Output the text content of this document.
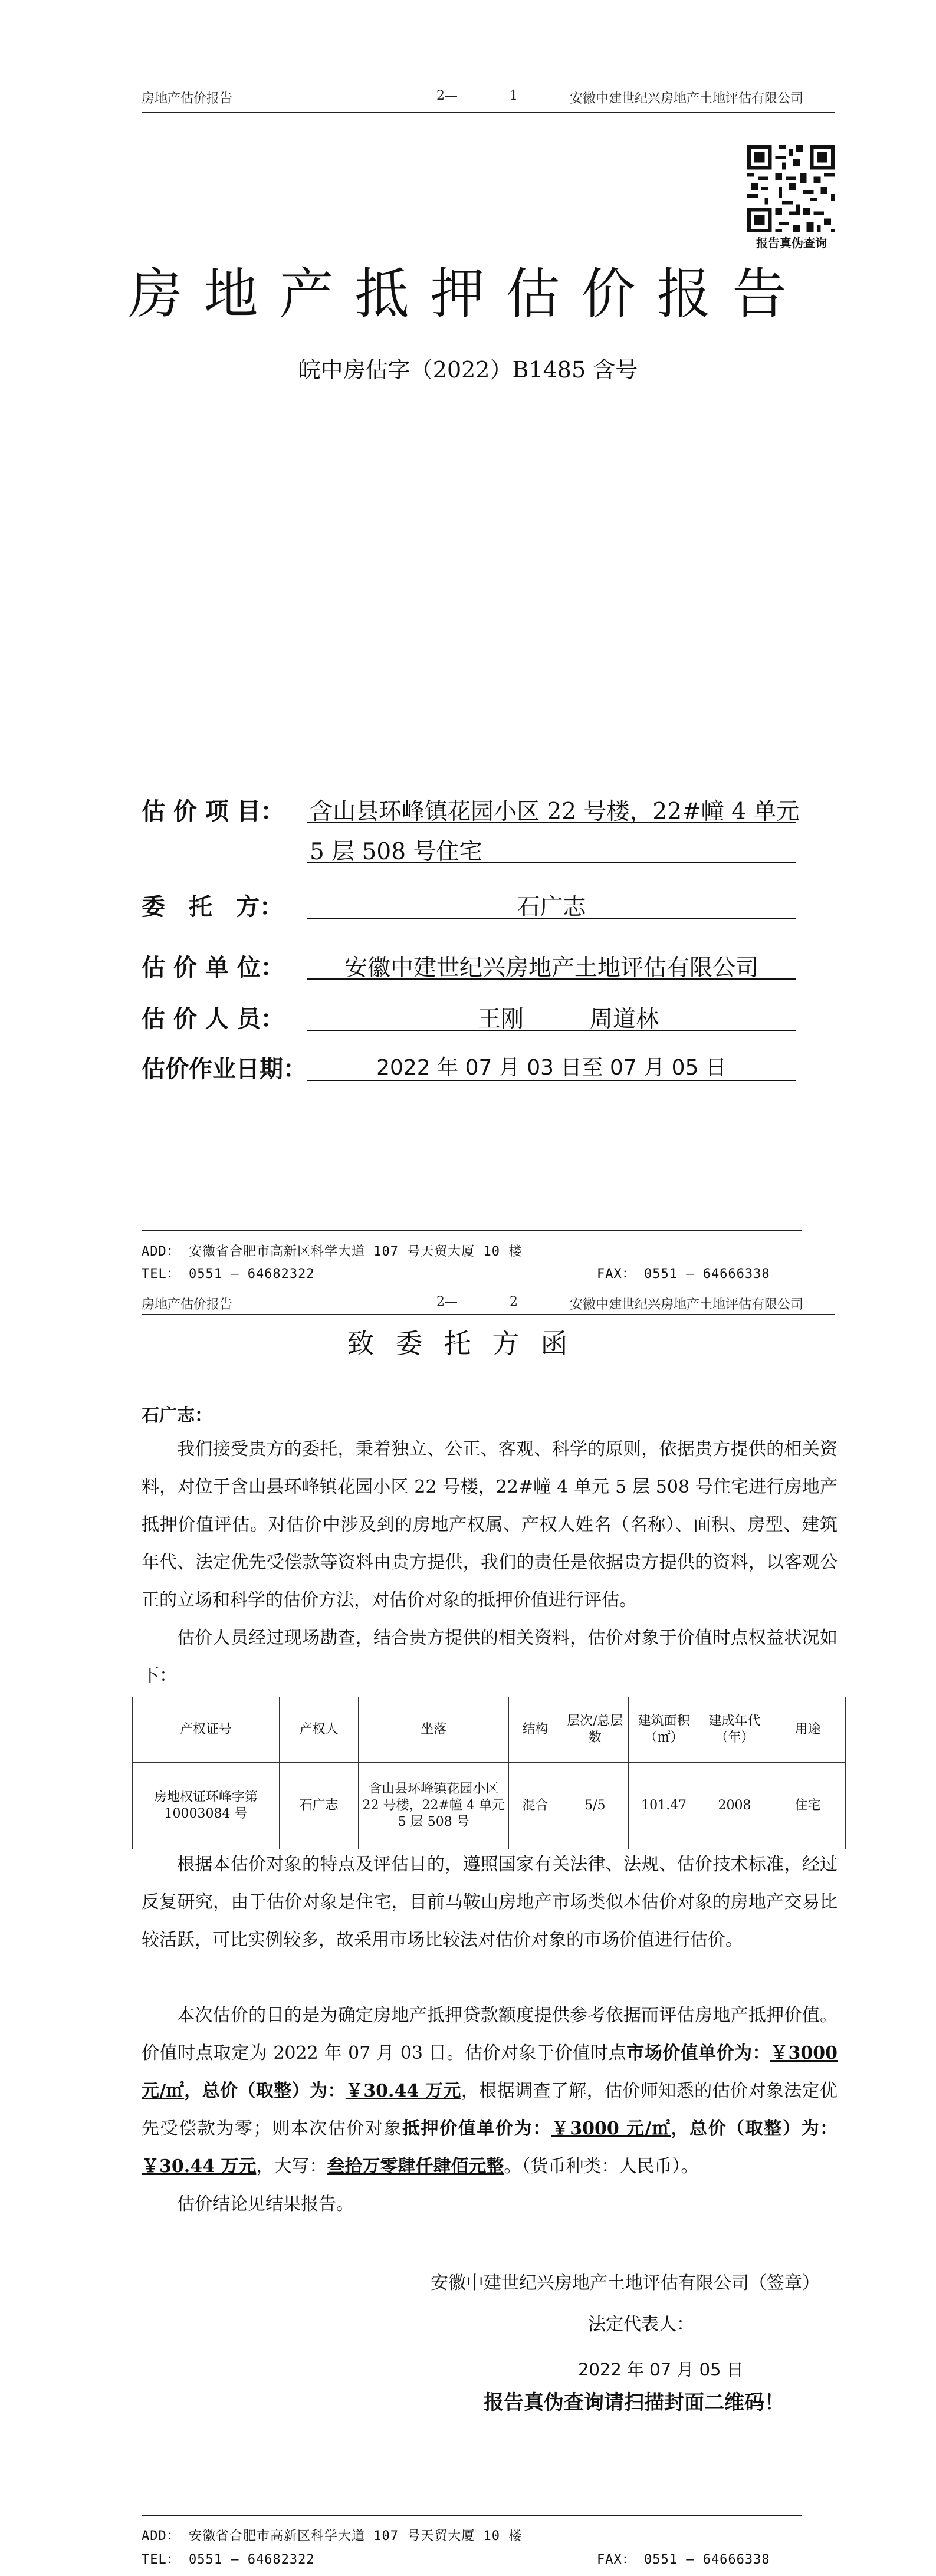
房地产估价报告	2—	1	安徽中建世纪兴房地产土地评估有限公司
报告真伪查询
房地产抵押估价报告
皖中房估字（2022）B1485 含号
估 价 项 目： 含山县环峰镇花园小区 22 号楼，22#幢 4 单元
5 层 508 号住宅
委　托　方：	石广志
估 价 单 位：	安徽中建世纪兴房地产土地评估有限公司
估 价 人 员：	王刚	周道林
估价作业日期：	2022 年 07 月 03 日至 07 月 05 日
ADD： 安徽省合肥市高新区科学大道 107 号天贸大厦 10 楼
TEL： 0551 — 64682322	FAX： 0551 — 64666338
房地产估价报告	2—	2	安徽中建世纪兴房地产土地评估有限公司
致委托方函
石广志：
我们接受贵方的委托，秉着独立、公正、客观、科学的原则，依据贵方提供的相关资料，对位于含山县环峰镇花园小区 22 号楼，22#幢 4 单元 5 层 508 号住宅进行房地产抵押价值评估。对估价中涉及到的房地产权属、产权人姓名（名称）、面积、房型、建筑年代、法定优先受偿款等资料由贵方提供，我们的责任是依据贵方提供的资料，以客观公正的立场和科学的估价方法，对估价对象的抵押价值进行评估。
估价人员经过现场勘查，结合贵方提供的相关资料，估价对象于价值时点权益状况如下：
产权证号	产权人	坐落	结构	层次/总层数	建筑面积（㎡）	建成年代（年）	用途
房地权证环峰字第 10003084 号	石广志	含山县环峰镇花园小区 22 号楼，22#幢 4 单元 5 层 508 号	混合	5/5	101.47	2008	住宅
根据本估价对象的特点及评估目的，遵照国家有关法律、法规、估价技术标准，经过反复研究，由于估价对象是住宅，目前马鞍山房地产市场类似本估价对象的房地产交易比较活跃，可比实例较多，故采用市场比较法对估价对象的市场价值进行估价。
本次估价的目的是为确定房地产抵押贷款额度提供参考依据而评估房地产抵押价值。价值时点取定为 2022 年 07 月 03 日。估价对象于价值时点市场价值单价为：￥3000 元/㎡，总价（取整）为：￥30.44 万元，根据调查了解，估价师知悉的估价对象法定优先受偿款为零；则本次估价对象抵押价值单价为：￥3000 元/㎡，总价（取整）为：￥30.44 万元，大写：叁拾万零肆仟肆佰元整。（货币种类：人民币）。
估价结论见结果报告。
安徽中建世纪兴房地产土地评估有限公司（签章）
法定代表人：
2022 年 07 月 05 日
报告真伪查询请扫描封面二维码！
ADD： 安徽省合肥市高新区科学大道 107 号天贸大厦 10 楼
TEL： 0551 — 64682322	FAX： 0551 — 64666338
